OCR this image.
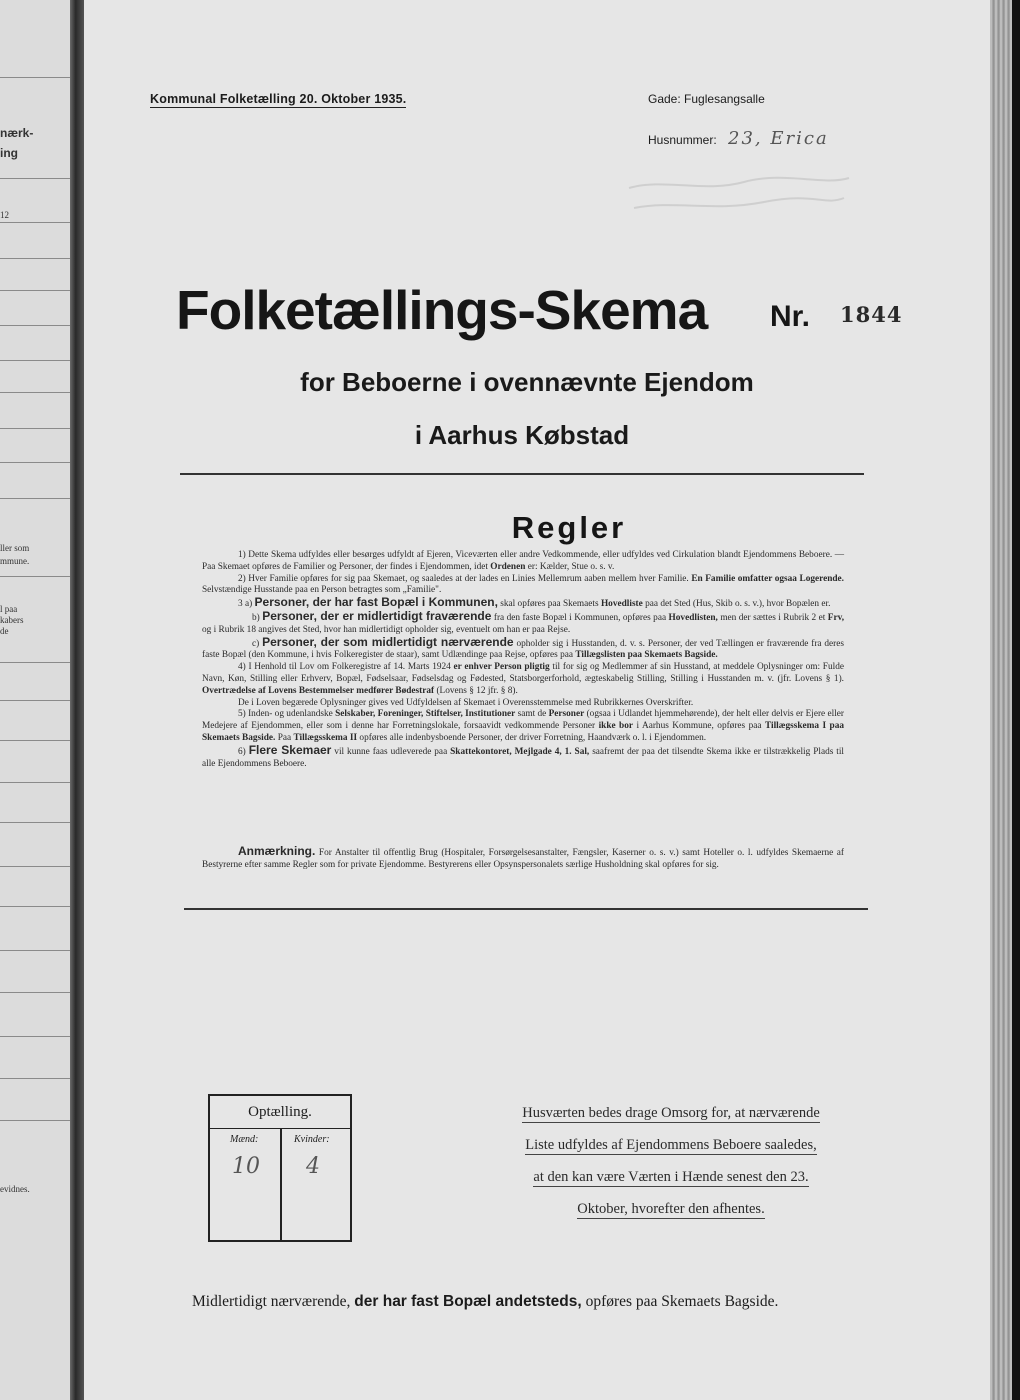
nærk-
ing
12
ller som
mmune.
l paa
kabers
de
evidnes.
Kommunal Folketælling 20. Oktober 1935.	Gade: Fuglesangsalle
Husnummer: 23, Erica
Folketællings-Skema Nr. 1844
for Beboerne i ovennævnte Ejendom
i Aarhus Købstad
Regler

1) Dette Skema udfyldes eller besørges udfyldt af Ejeren, Viceværten eller andre Vedkommende, eller udfyldes ved Cirkulation blandt Ejendommens Beboere. — Paa Skemaet opføres de Familier og Personer, der findes i Ejendommen, idet Ordenen er: Kælder, Stue o. s. v.

2) Hver Familie opføres for sig paa Skemaet, og saaledes at der lades en Linies Mellemrum aaben mellem hver Familie. En Familie omfatter ogsaa Logerende. Selvstændige Husstande paa en Person betragtes som „Familie".

3 a) Personer, der har fast Bopæl i Kommunen, skal opføres paa Skemaets Hovedliste paa det Sted (Hus, Skib o. s. v.), hvor Bopælen er.

b) Personer, der er midlertidigt fraværende fra den faste Bopæl i Kommunen, opføres paa Hovedlisten, men der sættes i Rubrik 2 et Frv, og i Rubrik 18 angives det Sted, hvor han midlertidigt opholder sig, eventuelt om han er paa Rejse.

c) Personer, der som midlertidigt nærværende opholder sig i Husstanden, d. v. s. Personer, der ved Tællingen er fraværende fra deres faste Bopæl (den Kommune, i hvis Folkeregister de staar), samt Udlændinge paa Rejse, opføres paa Tillægslisten paa Skemaets Bagside.

4) I Henhold til Lov om Folkeregistre af 14. Marts 1924 er enhver Person pligtig til for sig og Medlemmer af sin Husstand, at meddele Oplysninger om: Fulde Navn, Køn, Stilling eller Erhverv, Bopæl, Fødselsaar, Fødselsdag og Fødested, Statsborgerforhold, ægteskabelig Stilling, Stilling i Husstanden m. v. (jfr. Lovens § 1). Overtrædelse af Lovens Bestemmelser medfører Bødestraf (Lovens § 12 jfr. § 8).

De i Loven begærede Oplysninger gives ved Udfyldelsen af Skemaet i Overensstemmelse med Rubrikkernes Overskrifter.

5) Inden- og udenlandske Selskaber, Foreninger, Stiftelser, Institutioner samt de Personer (ogsaa i Udlandet hjemmehørende), der helt eller delvis er Ejere eller Medejere af Ejendommen, eller som i denne har Forretningslokale, forsaavidt vedkommende Personer ikke bor i Aarhus Kommune, opføres paa Tillægsskema I paa Skemaets Bagside. Paa Tillægsskema II opføres alle indenbysboende Personer, der driver Forretning, Haandværk o. l. i Ejendommen.

6) Flere Skemaer vil kunne faas udleverede paa Skattekontoret, Mejlgade 4, 1. Sal, saafremt der paa det tilsendte Skema ikke er tilstrækkelig Plads til alle Ejendommens Beboere.

Anmærkning. For Anstalter til offentlig Brug (Hospitaler, Forsørgelsesanstalter, Fængsler, Kaserner o. s. v.) samt Hoteller o. l. udfyldes Skemaerne af Bestyrerne efter samme Regler som for private Ejendomme. Bestyrerens eller Opsynspersonalets særlige Husholdning skal opføres for sig.

Optælling.
Mænd:	Kvinder:
10 4
Husværten bedes drage Omsorg for, at nærværende
Liste udfyldes af Ejendommens Beboere saaledes,
at den kan være Værten i Hænde senest den 23.
Oktober, hvorefter den afhentes.
Midlertidigt nærværende, der har fast Bopæl andetsteds, opføres paa Skemaets Bagside.
